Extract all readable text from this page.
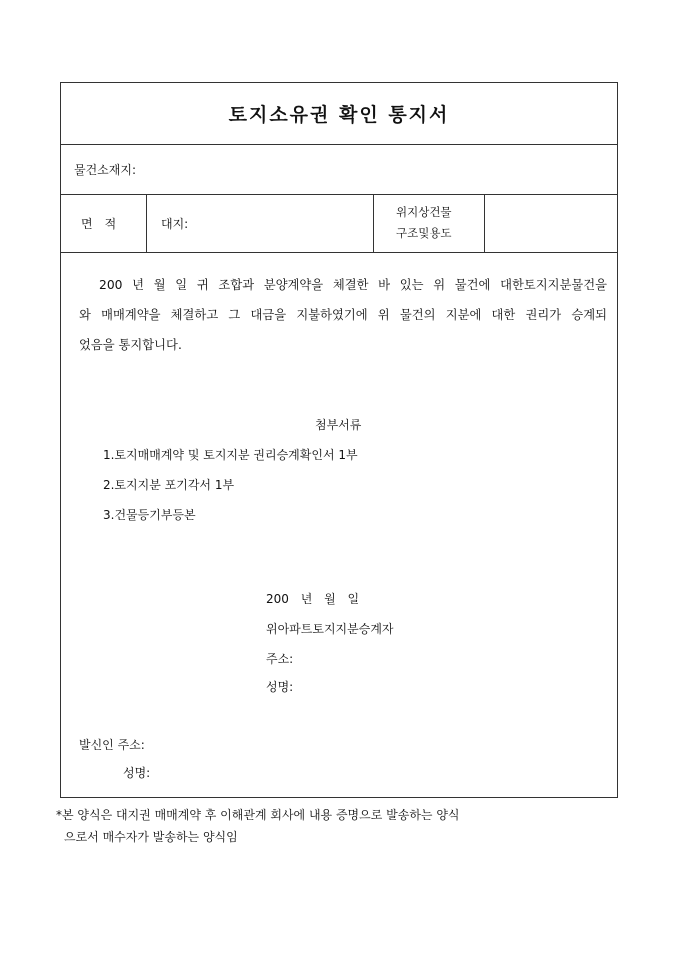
토지소유권 확인 통지서
물건소재지:
면적	대지:
위지상건물
구조및용도

200 년 월 일 귀 조합과 분양계약을 체결한 바 있는 위 물건에 대한토지지분물건을

와 매매계약을 체결하고 그 대금을 지불하였기에 위 물건의 지분에 대한 권리가 승계되

었음을 통지합니다.

첨부서류
1.토지매매계약 및 토지지분 권리승계확인서 1부
2.토지지분 포기각서 1부
3.건물등기부등본
200 년 월 일
위아파트토지지분승계자
주소:
성명:
발신인 주소:
성명:
*본 양식은 대지권 매매계약 후 이해관계 회사에 내용 증명으로 발송하는 양식
으로서 매수자가 발송하는 양식임
